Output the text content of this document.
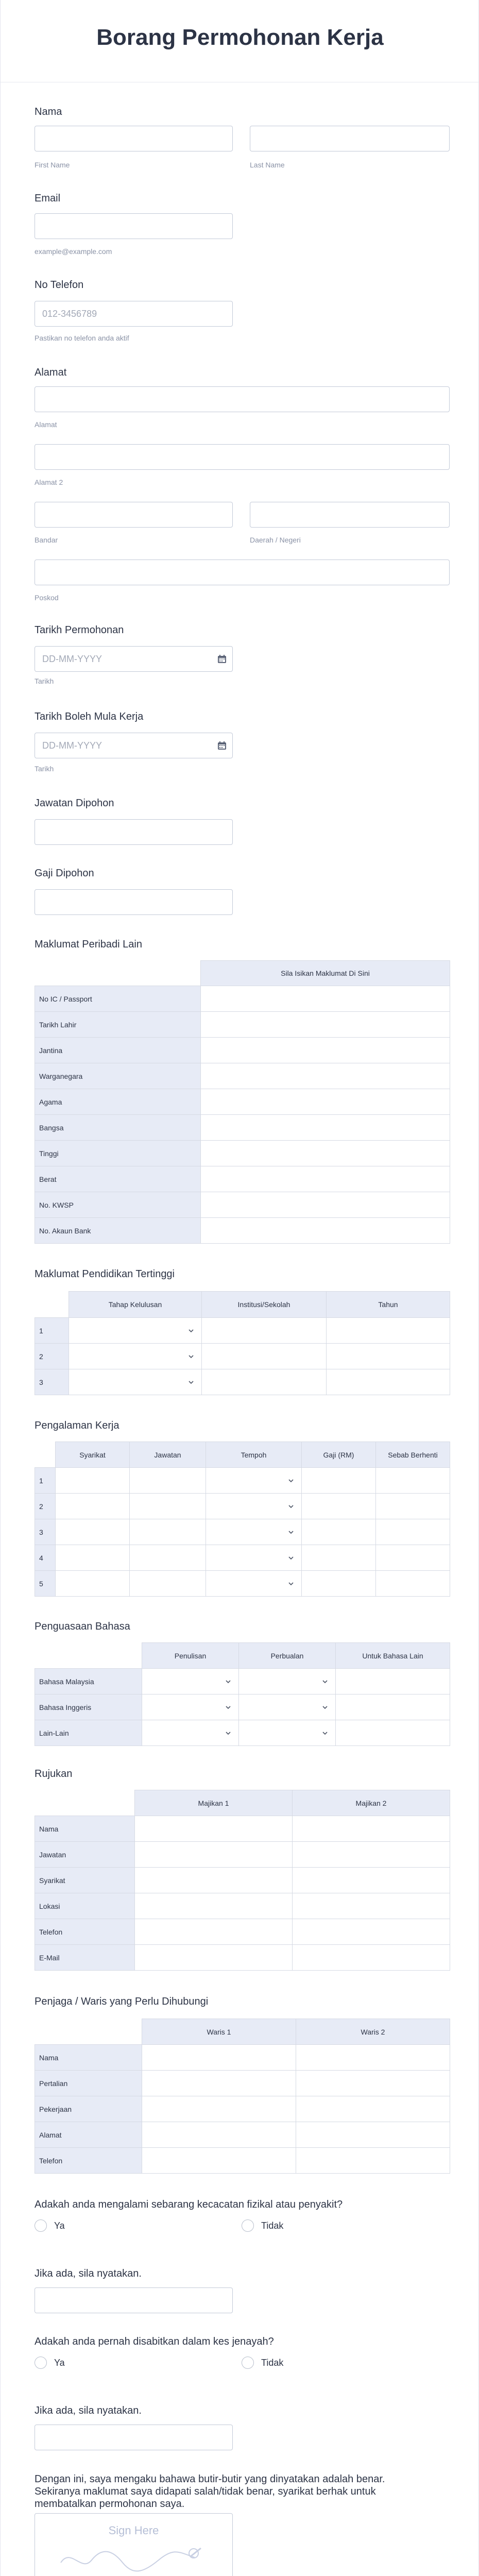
Borang Permohonan Kerja
Nama
First Name	Last Name
Email
example@example.com
No Telefon
012-3456789
Pastikan no telefon anda aktif
Alamat
Alamat
Alamat 2
Bandar	Daerah / Negeri
Poskod
Tarikh Permohonan
DD-MM-YYYY
Tarikh
Tarikh Boleh Mula Kerja
DD-MM-YYYY
Tarikh
Jawatan Dipohon
Gaji Dipohon
Maklumat Peribadi Lain
	Sila Isikan Maklumat Di Sini
No IC / Passport	
Tarikh Lahir	
Jantina	
Warganegara	
Agama	
Bangsa	
Tinggi	
Berat	
No. KWSP	
No. Akaun Bank	
Maklumat Pendidikan Tertinggi
	Tahap Kelulusan	Institusi/Sekolah	Tahun
1	

2	

3	

Pengalaman Kerja
	Syarikat	Jawatan	Tempoh	Gaji (RM)	Sebab Berhenti
1			

2			

3			

4			

5			

Penguasaan Bahasa
	Penulisan	Perbualan	Untuk Bahasa Lain
Bahasa Malaysia	

Bahasa Inggeris	

Lain-Lain	

Rujukan
	Majikan 1	Majikan 2
Nama		
Jawatan		
Syarikat		
Lokasi		
Telefon		
E-Mail		
Penjaga / Waris yang Perlu Dihubungi
	Waris 1	Waris 2
Nama		
Pertalian		
Pekerjaan		
Alamat		
Telefon		
Adakah anda mengalami sebarang kecacatan fizikal atau penyakit?
Ya	Tidak
Jika ada, sila nyatakan.
Adakah anda pernah disabitkan dalam kes jenayah?
Ya	Tidak
Jika ada, sila nyatakan.
Dengan ini, saya mengaku bahawa butir-butir yang dinyatakan adalah benar.
Sekiranya maklumat saya didapati salah/tidak benar, syarikat berhak untuk
membatalkan permohonan saya.
Sign Here
